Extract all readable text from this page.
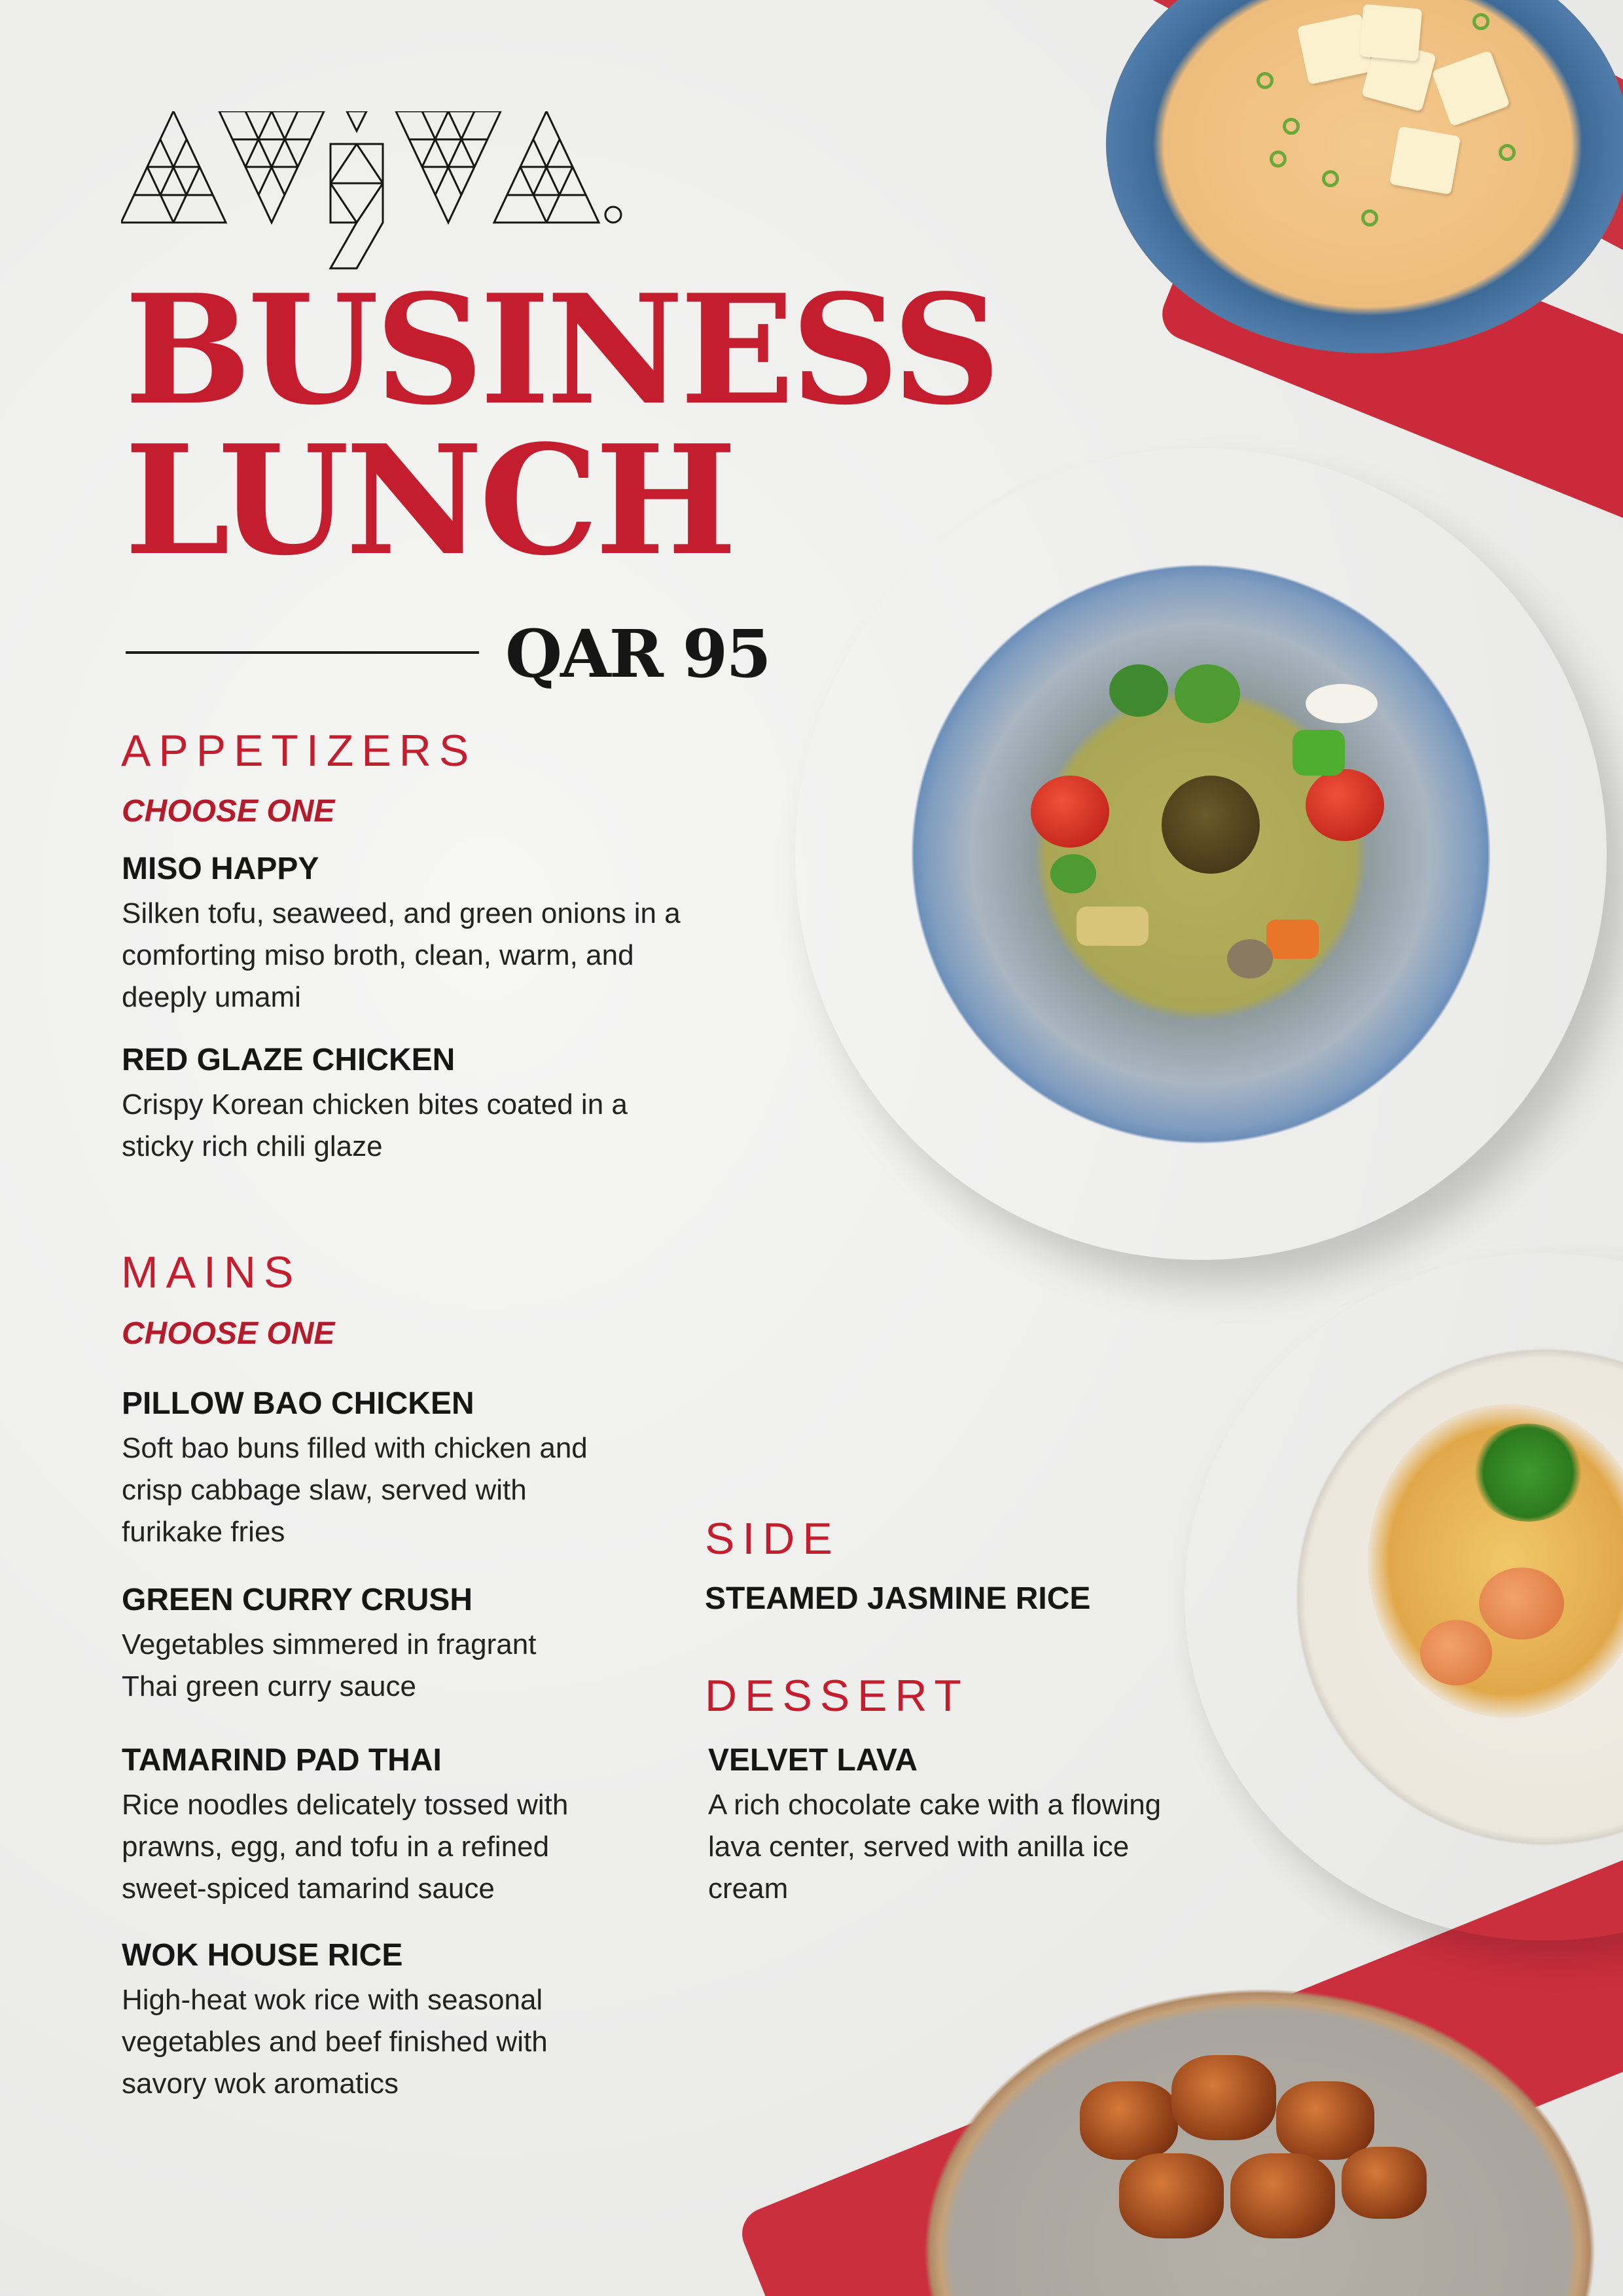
BUSINESS
LUNCH
QAR 95
APPETIZERS
CHOOSE ONE

MISO HAPPY

Silken tofu, seaweed, and green onions in a comforting miso broth, clean, warm, and deeply umami

RED GLAZE CHICKEN

Crispy Korean chicken bites coated in a sticky rich chili glaze

MAINS
CHOOSE ONE

PILLOW BAO CHICKEN

Soft bao buns filled with chicken and crisp cabbage slaw, served with furikake fries

GREEN CURRY CRUSH

Vegetables simmered in fragrant Thai green curry sauce

TAMARIND PAD THAI

Rice noodles delicately tossed with prawns, egg, and tofu in a refined sweet-spiced tamarind sauce

WOK HOUSE RICE

High-heat wok rice with seasonal vegetables and beef finished with savory wok aromatics

SIDE

STEAMED JASMINE RICE

DESSERT

VELVET LAVA

A rich chocolate cake with a flowing lava center, served with anilla ice cream
